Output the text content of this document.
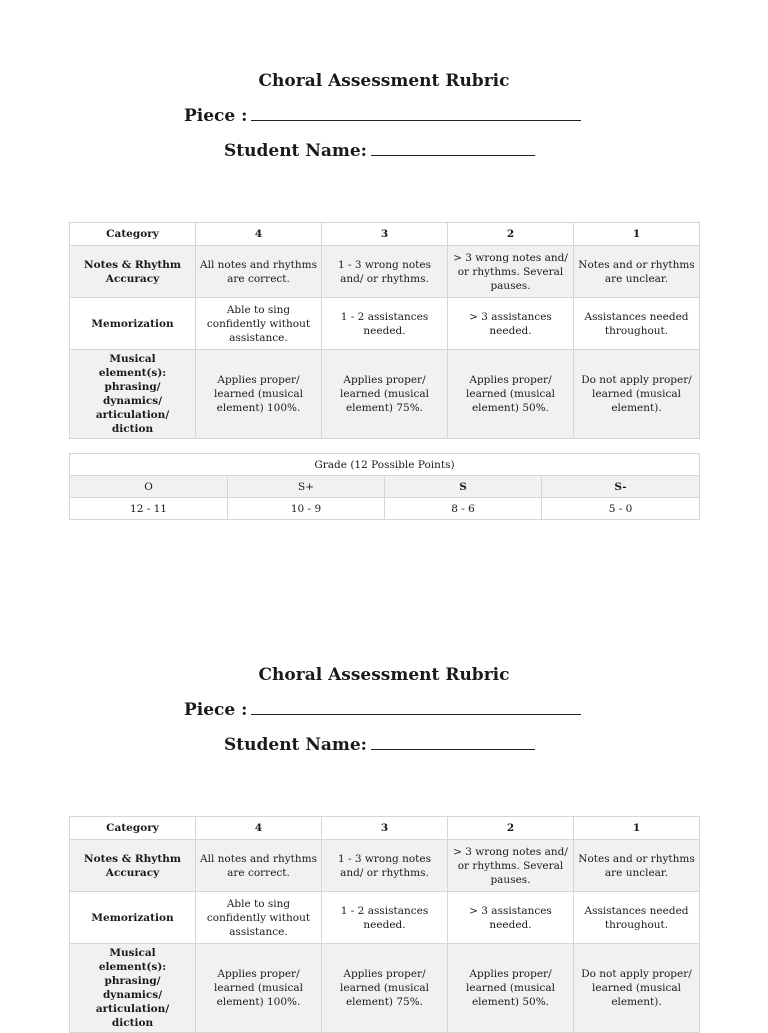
Choral Assessment Rubric
Piece :
Student Name:
Category	4	3	2	1
Notes & Rhythm Accuracy	All notes and rhythms are correct.	1 - 3 wrong notes and/ or rhythms.	> 3 wrong notes and/ or rhythms. Several pauses.	Notes and or rhythms are unclear.
Memorization	Able to sing confidently without assistance.	1 - 2 assistances needed.	> 3 assistances needed.	Assistances needed throughout.
Musical element(s): phrasing/ dynamics/ articulation/ diction	Applies proper/ learned (musical element) 100%.	Applies proper/ learned (musical element) 75%.	Applies proper/ learned (musical element) 50%.	Do not apply proper/ learned (musical element).
Grade (12 Possible Points)			
O	S+	S	S-
12 - 11	10 - 9	8 - 6	5 - 0
Choral Assessment Rubric
Piece :
Student Name:
Category	4	3	2	1
Notes & Rhythm Accuracy	All notes and rhythms are correct.	1 - 3 wrong notes and/ or rhythms.	> 3 wrong notes and/ or rhythms. Several pauses.	Notes and or rhythms are unclear.
Memorization	Able to sing confidently without assistance.	1 - 2 assistances needed.	> 3 assistances needed.	Assistances needed throughout.
Musical element(s): phrasing/ dynamics/ articulation/ diction	Applies proper/ learned (musical element) 100%.	Applies proper/ learned (musical element) 75%.	Applies proper/ learned (musical element) 50%.	Do not apply proper/ learned (musical element).
